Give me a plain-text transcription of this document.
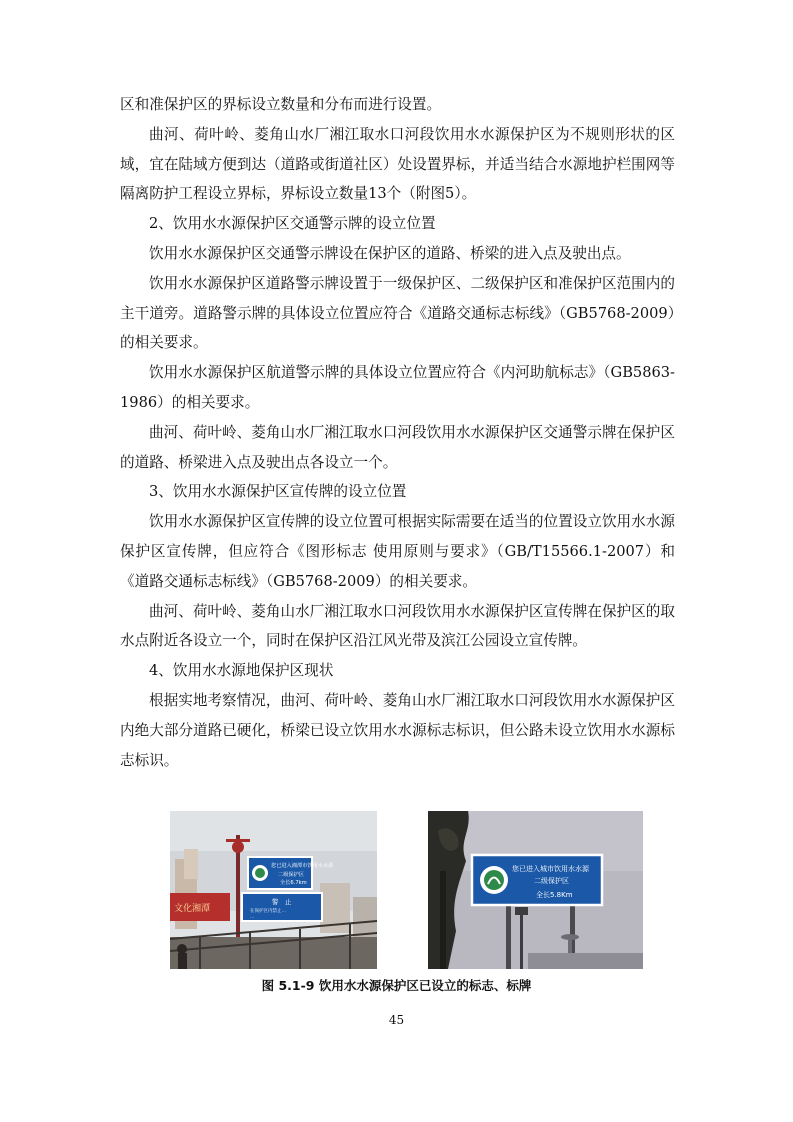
区和准保护区的界标设立数量和分布而进行设置。

曲河、荷叶岭、菱角山水厂湘江取水口河段饮用水水源保护区为不规则形状的区域，宜在陆域方便到达（道路或街道社区）处设置界标，并适当结合水源地护栏围网等隔离防护工程设立界标，界标设立数量13个（附图5）。

2、饮用水水源保护区交通警示牌的设立位置

饮用水水源保护区交通警示牌设在保护区的道路、桥梁的进入点及驶出点。

饮用水水源保护区道路警示牌设置于一级保护区、二级保护区和准保护区范围内的主干道旁。道路警示牌的具体设立位置应符合《道路交通标志标线》（GB5768-2009）的相关要求。

饮用水水源保护区航道警示牌的具体设立位置应符合《内河助航标志》（GB5863-1986）的相关要求。

曲河、荷叶岭、菱角山水厂湘江取水口河段饮用水水源保护区交通警示牌在保护区的道路、桥梁进入点及驶出点各设立一个。

3、饮用水水源保护区宣传牌的设立位置

饮用水水源保护区宣传牌的设立位置可根据实际需要在适当的位置设立饮用水水源保护区宣传牌，但应符合《图形标志 使用原则与要求》（GB/T15566.1-2007）和《道路交通标志标线》（GB5768-2009）的相关要求。

曲河、荷叶岭、菱角山水厂湘江取水口河段饮用水水源保护区宣传牌在保护区的取水点附近各设立一个，同时在保护区沿江风光带及滨江公园设立宣传牌。

4、饮用水水源地保护区现状

根据实地考察情况，曲河、荷叶岭、菱角山水厂湘江取水口河段饮用水水源保护区内绝大部分道路已硬化，桥梁已设立饮用水水源标志标识，但公路未设立饮用水水源标志标识。

文化湘潭
您已进入湘潭市饮用水水源
二级保护区
全长6.7km
警　止
在保护区内禁止…
…
您已进入城市饮用水水源
二级保护区
全长5.8Km
图 5.1-9 饮用水水源保护区已设立的标志、标牌
45
